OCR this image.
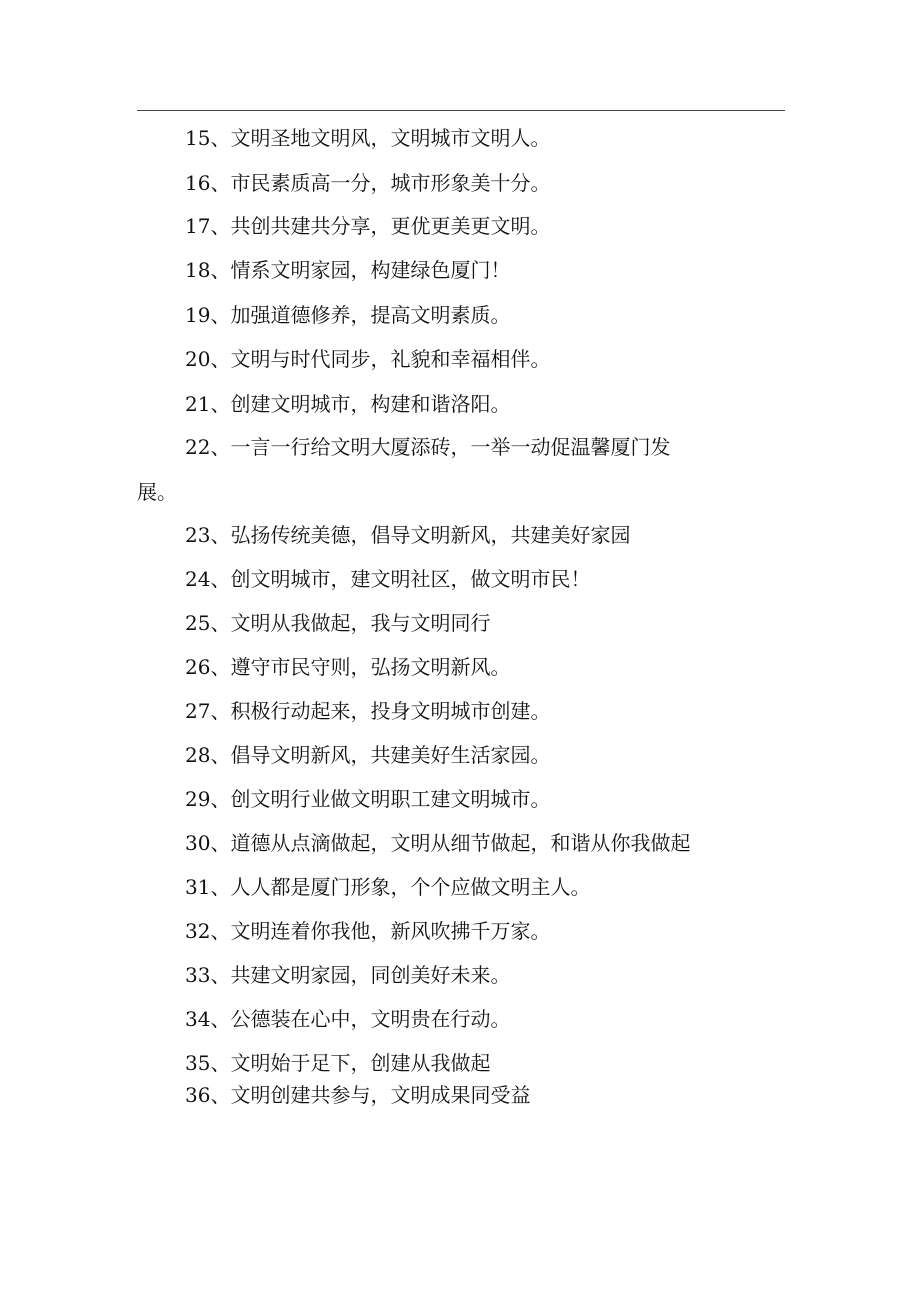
15、文明圣地文明风，文明城市文明人。
16、市民素质高一分，城市形象美十分。
17、共创共建共分享，更优更美更文明。
18、情系文明家园，构建绿色厦门！
19、加强道德修养，提高文明素质。
20、文明与时代同步，礼貌和幸福相伴。
21、创建文明城市，构建和谐洛阳。
22、一言一行给文明大厦添砖，一举一动促温馨厦门发
展。
23、弘扬传统美德，倡导文明新风，共建美好家园
24、创文明城市，建文明社区，做文明市民！
25、文明从我做起，我与文明同行
26、遵守市民守则，弘扬文明新风。
27、积极行动起来，投身文明城市创建。
28、倡导文明新风，共建美好生活家园。
29、创文明行业做文明职工建文明城市。
30、道德从点滴做起，文明从细节做起，和谐从你我做起
31、人人都是厦门形象，个个应做文明主人。
32、文明连着你我他，新风吹拂千万家。
33、共建文明家园，同创美好未来。
34、公德装在心中，文明贵在行动。
35、文明始于足下，创建从我做起
36、文明创建共参与，文明成果同受益
